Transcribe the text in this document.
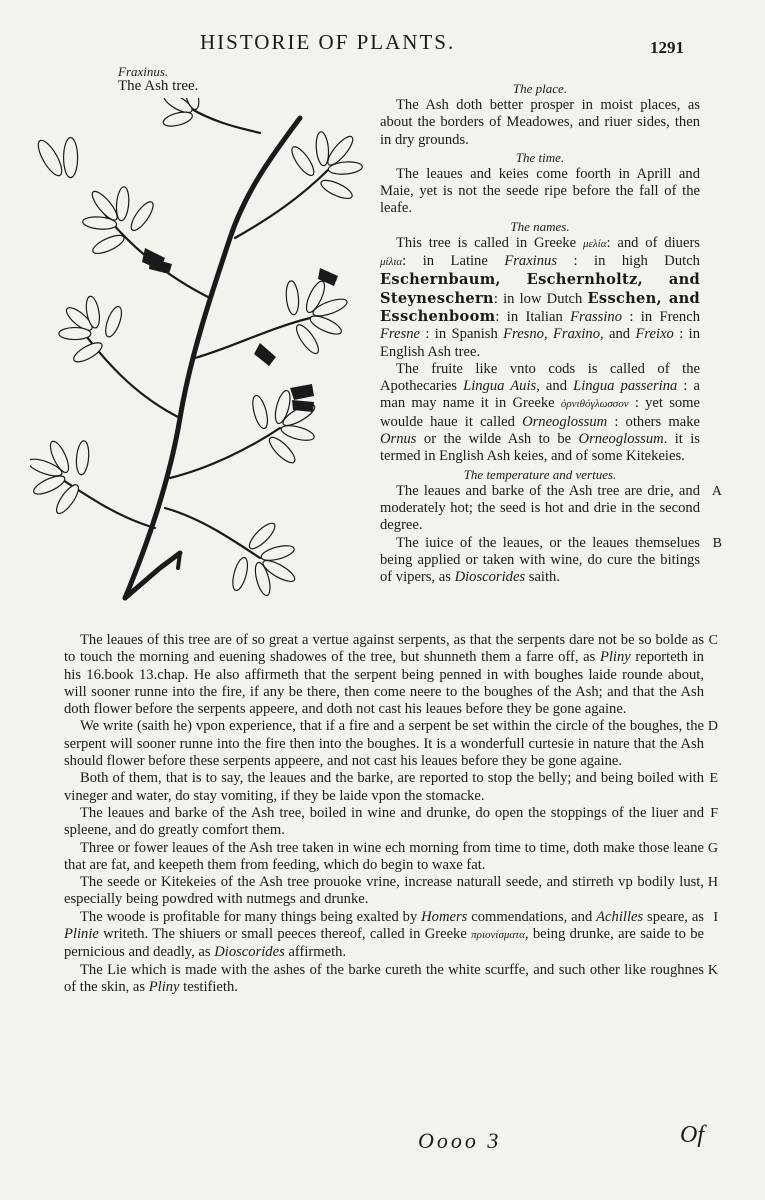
HISTORIE OF PLANTS.	1291
Fraxinus.
The Ash tree.	The place.

The Ash doth better prosper in moist places, as about the borders of Meadowes, and riuer sides, then in dry grounds.

The time.

The leaues and keies come foorth in Aprill and Maie, yet is not the seede ripe before the fall of the leafe.

The names.

This tree is called in Greeke μελία: and of diuers μίλια: in Latine Fraxinus : in high Dutch Eschernbaum, Eschernholtz, and Steyneschern: in low Dutch Esschen, and Esschenboom: in Italian Frassino : in French Fresne : in Spanish Fresno, Fraxino, and Freixo : in English Ash tree.

The fruite like vnto cods is called of the Apothecaries Lingua Auis, and Lingua passerina : a man may name it in Greeke ὀρνιθόγλωσσον : yet some woulde haue it called Orneoglossum : others make Ornus or the wilde Ash to be Orneoglossum. it is termed in English Ash keies, and of some Kitekeies.

The temperature and vertues.

The leaues and barke of the Ash tree are drie, and moderately hot; the seed is hot and drie in the second degree.
A

The iuice of the leaues, or the leaues themselues being applied or taken with wine, do cure the bitings of vipers, as Dioscorides saith.
B

The leaues of this tree are of so great a vertue against serpents, as that the serpents dare not be so bolde as to touch the morning and euening shadowes of the tree, but shunneth them a farre off, as Pliny reporteth in his 16.book 13.chap. He also affirmeth that the serpent being penned in with boughes laide rounde about, will sooner runne into the fire, if any be there, then come neere to the boughes of the Ash; and that the Ash doth flower before the serpents appeere, and doth not cast his leaues before they be gone againe.
C

We write (saith he) vpon experience, that if a fire and a serpent be set within the circle of the boughes, the serpent will sooner runne into the fire then into the boughes. It is a wonderfull curtesie in nature that the Ash should flower before these serpents appeere, and not cast his leaues before they be gone againe.
D

Both of them, that is to say, the leaues and the barke, are reported to stop the belly; and being boiled with vineger and water, do stay vomiting, if they be laide vpon the stomacke.
E

The leaues and barke of the Ash tree, boiled in wine and drunke, do open the stoppings of the liuer and spleene, and do greatly comfort them.
F

Three or fower leaues of the Ash tree taken in wine ech morning from time to time, doth make those leane that are fat, and keepeth them from feeding, which do begin to waxe fat.
G

The seede or Kitekeies of the Ash tree prouoke vrine, increase naturall seede, and stirreth vp bodily lust, especially being powdred with nutmegs and drunke.
H

The woode is profitable for many things being exalted by Homers commendations, and Achilles speare, as Plinie writeth. The shiuers or small peeces thereof, called in Greeke πριονίσματα, being drunke, are saide to be pernicious and deadly, as Dioscorides affirmeth.
I

The Lie which is made with the ashes of the barke cureth the white scurffe, and such other like roughnes of the skin, as Pliny testifieth.
K

Oooo 3	Of
